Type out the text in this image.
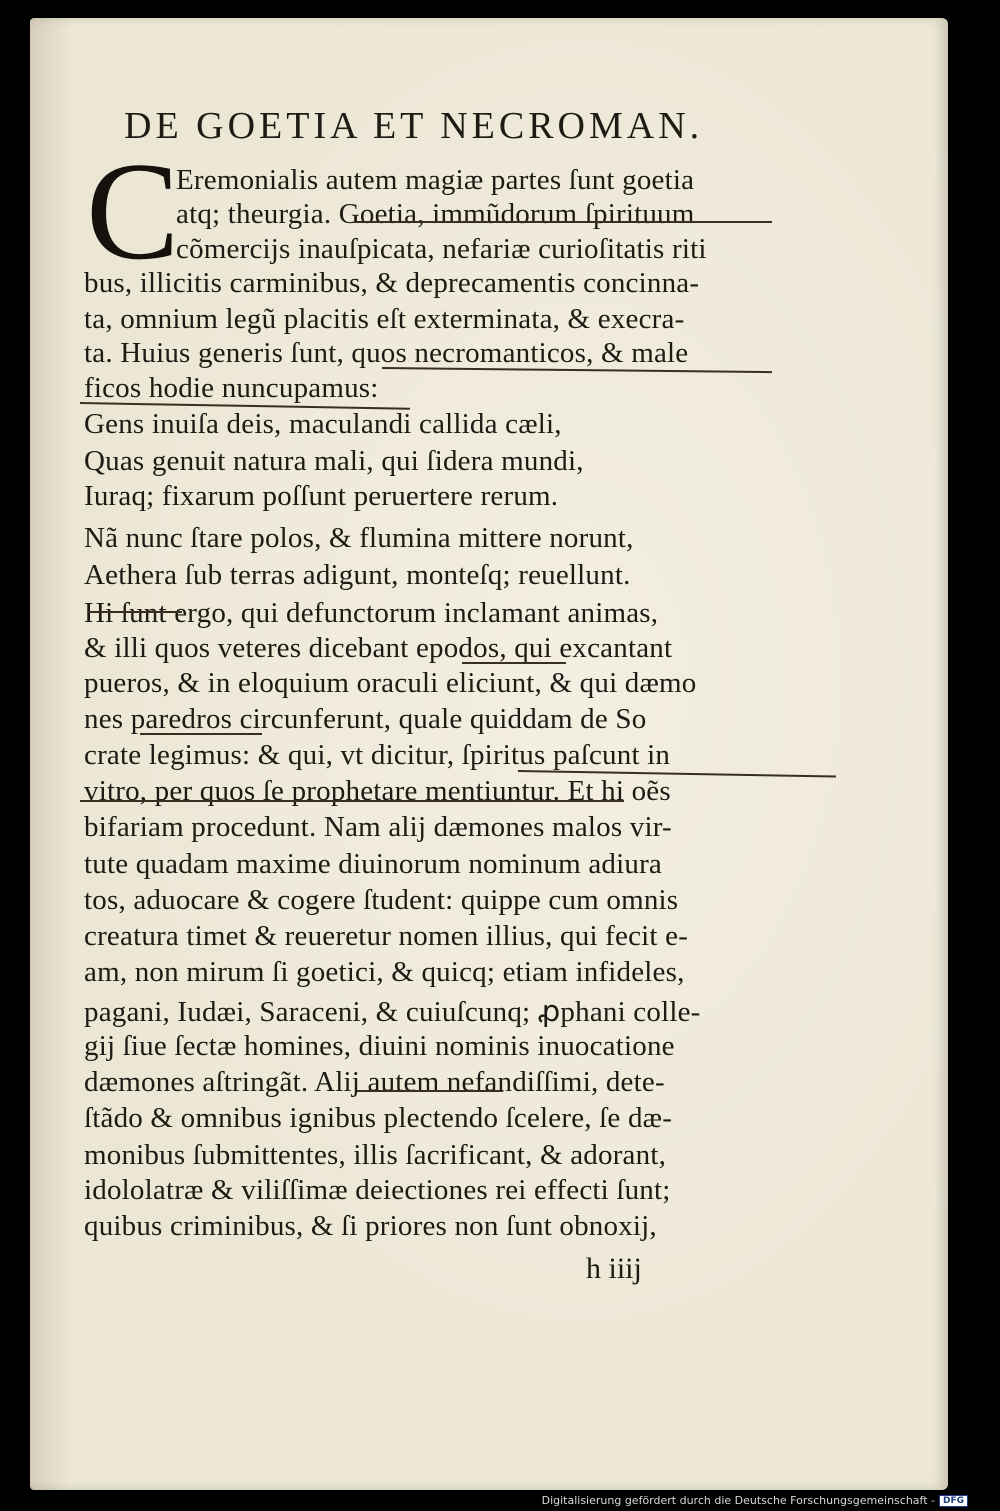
DE GOETIA ET NECROMAN.
C
Eremonialis autem magiæ partes ſunt goetia
atq; theurgia. Goetia, immũdorum ſpirituum
cõmercijs inauſpicata, nefariæ curioſitatis riti
bus, illicitis carminibus, & deprecamentis concinna-
ta, omnium legũ placitis eſt exterminata, & execra-
ta. Huius generis ſunt, quos necromanticos, & male
ficos hodie nuncupamus:
Gens inuiſa deis, maculandi callida cæli,
Quas genuit natura mali, qui ſidera mundi,
Iuraq; fixarum poſſunt peruertere rerum.
Nã nunc ſtare polos, & flumina mittere norunt,
Aethera ſub terras adigunt, monteſq; reuellunt.
Hi ſunt ergo, qui defunctorum inclamant animas,
& illi quos veteres dicebant epodos, qui excantant
pueros, & in eloquium oraculi eliciunt, & qui dæmo
nes paredros circunferunt, quale quiddam de So
crate legimus: & qui, vt dicitur, ſpiritus paſcunt in
vitro, per quos ſe prophetare mentiuntur. Et hi oẽs
bifariam procedunt. Nam alij dæmones malos vir-
tute quadam maxime diuinorum nominum adiura
tos, aduocare & cogere ſtudent: quippe cum omnis
creatura timet & reueretur nomen illius, qui fecit e-
am, non mirum ſi goetici, & quicq; etiam infideles,
pagani, Iudæi, Saraceni, & cuiuſcunq; ꝓphani colle-
gij ſiue ſectæ homines, diuini nominis inuocatione
dæmones aſtringãt. Alij autem nefandiſſimi, dete-
ſtãdo & omnibus ignibus plectendo ſcelere, ſe dæ-
monibus ſubmittentes, illis ſacrificant, & adorant,
idololatræ & viliſſimæ deiectiones rei effecti ſunt;
quibus criminibus, & ſi priores non ſunt obnoxij,
h iiij
Digitalisierung gefördert durch die Deutsche Forschungsgemeinschaft - DFG
